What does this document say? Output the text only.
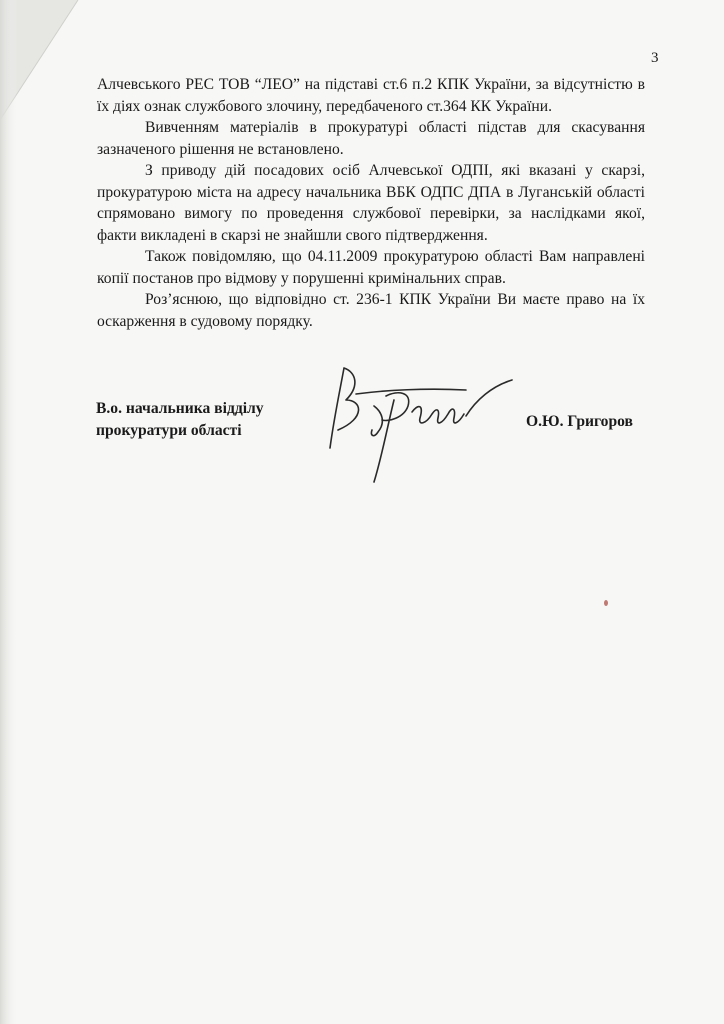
3

Алчевського РЕС ТОВ “ЛЕО” на підставі ст.6 п.2 КПК України, за відсутністю в їх діях ознак службового злочину, передбаченого ст.364 КК України.

Вивченням матеріалів в прокуратурі області підстав для скасування зазначеного рішення не встановлено.

З приводу дій посадових осіб Алчевської ОДПІ, які вказані у скарзі, прокуратурою міста на адресу начальника ВБК ОДПС ДПА в Луганській області спрямовано вимогу по проведення службової перевірки, за наслідками якої, факти викладені в скарзі не знайшли свого підтвердження.

Також повідомляю, що 04.11.2009 прокуратурою області Вам направлені копії постанов про відмову у порушенні кримінальних справ.

Роз’яснюю, що відповідно ст. 236-1 КПК України Ви маєте право на їх оскарження в судовому порядку.

В.о. начальника відділу
прокуратури області	О.Ю. Григоров
